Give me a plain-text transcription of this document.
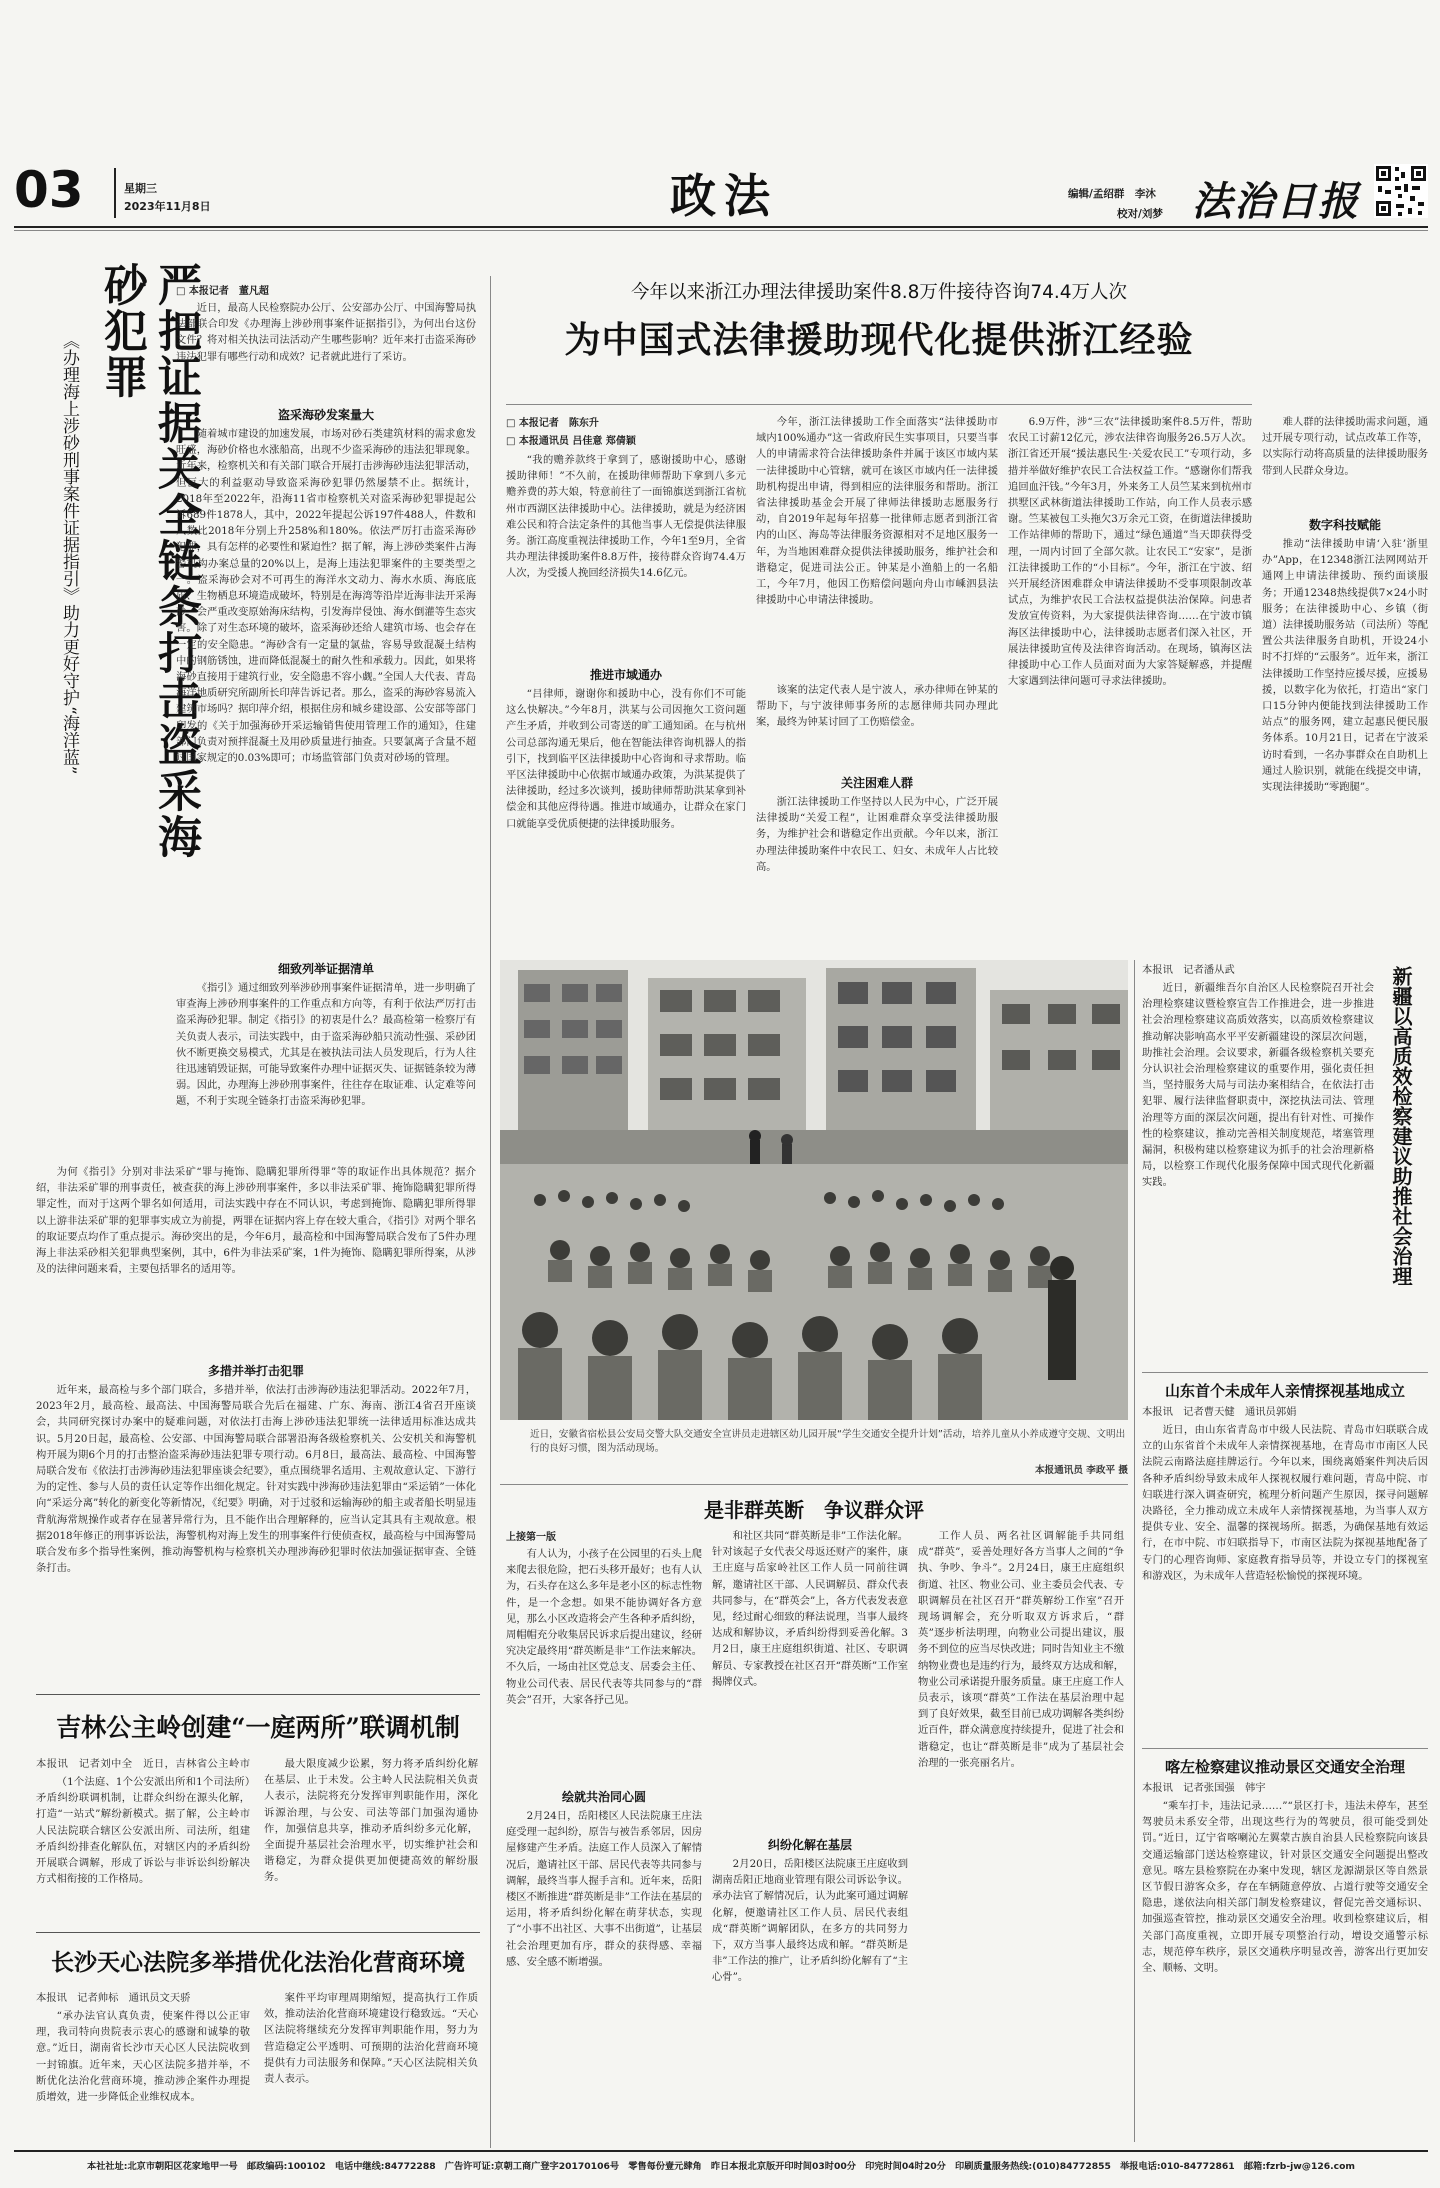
03	星期三
2023年11月8日	政法	编辑/孟绍群　李沐
校对/刘梦 法治日报
严把证据关全链条打击盗采海砂犯罪
《办理海上涉砂刑事案件证据指引》助力更好守护“海洋蓝”
□ 本报记者　董凡超
近日，最高人民检察院办公厅、公安部办公厅、中国海警局执法部联合印发《办理海上涉砂刑事案件证据指引》，为何出台这份文件？将对相关执法司法活动产生哪些影响？近年来打击盗采海砂违法犯罪有哪些行动和成效？记者就此进行了采访。
盗采海砂发案量大
随着城市建设的加速发展，市场对砂石类建筑材料的需求愈发旺盛，海砂价格也水涨船高，出现不少盗采海砂的违法犯罪现象。近年来，检察机关和有关部门联合开展打击涉海砂违法犯罪活动，但巨大的利益驱动导致盗采海砂犯罪仍然屡禁不止。据统计，2018年至2022年，沿海11省市检察机关对盗采海砂犯罪提起公诉689件1878人，其中，2022年提起公诉197件488人，件数和人数比2018年分别上升258%和180%。依法严厉打击盗采海砂犯罪，具有怎样的必要性和紧迫性？据了解，海上涉砂类案件占海警机构办案总量的20%以上，是海上违法犯罪案件的主要类型之一。盗采海砂会对不可再生的海洋水文动力、海水水质、海底底质、生物栖息环境造成破坏，特别是在海湾等沿岸近海非法开采海砂，会严重改变原始海床结构，引发海岸侵蚀、海水倒灌等生态灾害。除了对生态环境的破坏，盗采海砂还给人建筑市场、也会存在一定的安全隐患。“海砂含有一定量的氯盐，容易导致混凝土结构中的钢筋锈蚀，进而降低混凝土的耐久性和承载力。因此，如果将海砂直接用于建筑行业，安全隐患不容小觑。”全国人大代表、青岛海洋地质研究所副所长印萍告诉记者。那么，盗采的海砂容易流入建筑市场吗？据印萍介绍，根据住房和城乡建设部、公安部等部门印发的《关于加强海砂开采运输销售使用管理工作的通知》，住建部门负责对预拌混凝土及用砂质量进行抽查。只要氯离子含量不超过国家规定的0.03%即可；市场监管部门负责对砂场的管理。
细致列举证据清单
《指引》通过细致列举涉砂刑事案件证据清单，进一步明确了审查海上涉砂刑事案件的工作重点和方向等，有利于依法严厉打击盗采海砂犯罪。制定《指引》的初衷是什么？最高检第一检察厅有关负责人表示，司法实践中，由于盗采海砂船只流动性强、采砂团伙不断更换交易模式，尤其是在被执法司法人员发现后，行为人往往迅速销毁证据，可能导致案件办理中证据灭失、证据链条较为薄弱。因此，办理海上涉砂刑事案件，往往存在取证难、认定难等问题，不利于实现全链条打击盗采海砂犯罪。
为何《指引》分别对非法采矿“罪与掩饰、隐瞒犯罪所得罪”等的取证作出具体规范？据介绍，非法采矿罪的刑事责任，被查获的海上涉砂刑事案件，多以非法采矿罪、掩饰隐瞒犯罪所得罪定性，而对于这两个罪名如何适用，司法实践中存在不同认识，考虑到掩饰、隐瞒犯罪所得罪以上游非法采矿罪的犯罪事实成立为前提，两罪在证据内容上存在较大重合，《指引》对两个罪名的取证要点均作了重点提示。海砂突出的是，今年6月，最高检和中国海警局联合发布了5件办理海上非法采砂相关犯罪典型案例，其中，6件为非法采矿案，1件为掩饰、隐瞒犯罪所得案，从涉及的法律问题来看，主要包括罪名的适用等。
多措并举打击犯罪
近年来，最高检与多个部门联合，多措并举，依法打击涉海砂违法犯罪活动。2022年7月，2023年2月，最高检、最高法、中国海警局联合先后在福建、广东、海南、浙江4省召开座谈会，共同研究探讨办案中的疑难问题，对依法打击海上涉砂违法犯罪统一法律适用标准达成共识。5月20日起，最高检、公安部、中国海警局联合部署沿海各级检察机关、公安机关和海警机构开展为期6个月的打击整治盗采海砂违法犯罪专项行动。6月8日，最高法、最高检、中国海警局联合发布《依法打击涉海砂违法犯罪座谈会纪要》，重点围绕罪名适用、主观故意认定、下游行为的定性、参与人员的责任认定等作出细化规定。针对实践中涉海砂违法犯罪由“采运销”一体化向“采运分离”转化的新变化等新情况，《纪要》明确，对于过驳和运输海砂的船主或者船长明显违背航海常规操作或者存在显著异常行为，且不能作出合理解释的，应当认定其具有主观故意。根据2018年修正的刑事诉讼法，海警机构对海上发生的刑事案件行使侦查权，最高检与中国海警局联合发布多个指导性案例，推动海警机构与检察机关办理涉海砂犯罪时依法加强证据审查、全链条打击。
吉林公主岭创建“一庭两所”联调机制
本报讯　记者刘中全　近日，吉林省公主岭市
（1个法庭、1个公安派出所和1个司法所）矛盾纠纷联调机制，让群众纠纷在源头化解，打造“一站式”解纷新模式。据了解，公主岭市人民法院联合辖区公安派出所、司法所，组建矛盾纠纷排查化解队伍，对辖区内的矛盾纠纷开展联合调解，形成了诉讼与非诉讼纠纷解决方式相衔接的工作格局。
最大限度减少讼累，努力将矛盾纠纷化解在基层、止于未发。公主岭人民法院相关负责人表示，法院将充分发挥审判职能作用，深化诉源治理，与公安、司法等部门加强沟通协作，加强信息共享，推动矛盾纠纷多元化解，全面提升基层社会治理水平，切实维护社会和谐稳定，为群众提供更加便捷高效的解纷服务。
长沙天心法院多举措优化法治化营商环境
本报讯　记者帅标　通讯员文天骄
“承办法官认真负责，使案件得以公正审理，我司特向贵院表示衷心的感谢和诚挚的敬意。”近日，湖南省长沙市天心区人民法院收到一封锦旗。近年来，天心区法院多措并举，不断优化法治化营商环境，推动涉企案件办理提质增效，进一步降低企业维权成本。
案件平均审理周期缩短，提高执行工作质效，推动法治化营商环境建设行稳致远。“天心区法院将继续充分发挥审判职能作用，努力为营造稳定公平透明、可预期的法治化营商环境提供有力司法服务和保障。”天心区法院相关负责人表示。
今年以来浙江办理法律援助案件8.8万件接待咨询74.4万人次
为中国式法律援助现代化提供浙江经验
□ 本报记者　陈东升
□ 本报通讯员 吕佳意 郑倩颖
“我的赡养款终于拿到了，感谢援助中心，感谢援助律师！”不久前，在援助律师帮助下拿到八多元赡养费的苏大娘，特意前往了一面锦旗送到浙江省杭州市西湖区法律援助中心。法律援助，就是为经济困难公民和符合法定条件的其他当事人无偿提供法律服务。浙江高度重视法律援助工作，今年1至9月，全省共办理法律援助案件8.8万件，接待群众咨询74.4万人次，为受援人挽回经济损失14.6亿元。
推进市域通办
“吕律师，谢谢你和援助中心，没有你们不可能这么快解决。”今年8月，洪某与公司因拖欠工资问题产生矛盾，并收到公司寄送的旷工通知函。在与杭州公司总部沟通无果后，他在智能法律咨询机器人的指引下，找到临平区法律援助中心咨询和寻求帮助。临平区法律援助中心依据市域通办政策，为洪某提供了法律援助，经过多次谈判，援助律师帮助洪某拿到补偿金和其他应得待遇。推进市域通办，让群众在家门口就能享受优质便捷的法律援助服务。
今年，浙江法律援助工作全面落实“法律援助市域内100%通办”这一省政府民生实事项目，只要当事人的申请需求符合法律援助条件并属于该区市域内某一法律援助中心管辖，就可在该区市域内任一法律援助机构提出申请，得到相应的法律服务和帮助。浙江省法律援助基金会开展了律师法律援助志愿服务行动，自2019年起每年招募一批律师志愿者到浙江省内的山区、海岛等法律服务资源相对不足地区服务一年，为当地困难群众提供法律援助服务，维护社会和谐稳定，促进司法公正。钟某是小渔船上的一名船工，今年7月，他因工伤赔偿问题向舟山市嵊泗县法律援助中心申请法律援助。
该案的法定代表人是宁波人，承办律师在钟某的帮助下，与宁波律师事务所的志愿律师共同办理此案，最终为钟某讨回了工伤赔偿金。
关注困难人群
浙江法律援助工作坚持以人民为中心，广泛开展法律援助“关爱工程”，让困难群众享受法律援助服务，为维护社会和谐稳定作出贡献。今年以来，浙江办理法律援助案件中农民工、妇女、未成年人占比较高。
6.9万件，涉“三农”法律援助案件8.5万件，帮助农民工讨薪12亿元，涉农法律咨询服务26.5万人次。浙江省还开展“援法惠民生·关爱农民工”专项行动，多措并举做好维护农民工合法权益工作。“感谢你们帮我追回血汗钱。”今年3月，外来务工人员竺某来到杭州市拱墅区武林街道法律援助工作站，向工作人员表示感谢。竺某被包工头拖欠3万余元工资，在街道法律援助工作站律师的帮助下，通过“绿色通道”当天即获得受理，一周内讨回了全部欠款。让农民工“安家”，是浙江法律援助工作的“小目标”。今年，浙江在宁波、绍兴开展经济困难群众申请法律援助不受事项限制改革试点，为维护农民工合法权益提供法治保障。问患者发放宣传资料，为大家提供法律咨询……在宁波市镇海区法律援助中心，法律援助志愿者们深入社区，开展法律援助宣传及法律咨询活动。在现场，镇海区法律援助中心工作人员面对面为大家答疑解惑，并提醒大家遇到法律问题可寻求法律援助。
难人群的法律援助需求问题，通过开展专项行动，试点改革工作等，以实际行动将高质量的法律援助服务带到人民群众身边。
数字科技赋能
推动“法律援助申请‘入驻’浙里办”App，在12348浙江法网网站开通网上申请法律援助、预约面谈服务；开通12348热线提供7×24小时服务；在法律援助中心、乡镇（街道）法律援助服务站（司法所）等配置公共法律服务自助机，开设24小时不打烊的“云服务”。近年来，浙江法律援助工作坚持应援尽援，应援易援，以数字化为依托，打造出“家门口15分钟内便能找到法律援助工作站点”的服务网，建立起惠民便民服务体系。10月21日，记者在宁波采访时看到，一名办事群众在自助机上通过人脸识别，就能在线提交申请，实现法律援助“零跑腿”。
近日，安徽省宿松县公安局交警大队交通安全宣讲员走进辖区幼儿园开展“学生交通安全提升计划”活动，培养儿童从小养成遵守交规、文明出行的良好习惯，图为活动现场。
本报通讯员 李政平 摄
是非群英断　争议群众评
上接第一版
有人认为，小孩子在公园里的石头上爬来爬去很危险，把石头移开最好；也有人认为，石头存在这么多年是老小区的标志性物件，是一个念想。如果不能协调好各方意见，那么小区改造将会产生各种矛盾纠纷，周帽帽充分收集居民诉求后提出建议，经研究决定最终用“群英断是非”工作法来解决。不久后，一场由社区党总支、居委会主任、物业公司代表、居民代表等共同参与的“群英会”召开，大家各抒己见。
绘就共治同心圆
2月24日，岳阳楼区人民法院康王庄法庭受理一起纠纷，原告与被告系邻居，因房屋修建产生矛盾。法庭工作人员深入了解情况后，邀请社区干部、居民代表等共同参与调解，最终当事人握手言和。近年来，岳阳楼区不断推进“群英断是非”工作法在基层的运用，将矛盾纠纷化解在萌芽状态，实现了“小事不出社区、大事不出街道”，让基层社会治理更加有序，群众的获得感、幸福感、安全感不断增强。
和社区共同“群英断是非”工作法化解。针对该起子女代表父母返还财产的案件，康王庄庭与岳家岭社区工作人员一同前往调解，邀请社区干部、人民调解员、群众代表共同参与，在“群英会”上，各方代表发表意见，经过耐心细致的释法说理，当事人最终达成和解协议，矛盾纠纷得到妥善化解。3月2日，康王庄庭组织街道、社区、专职调解员、专家教授在社区召开“群英断”工作室揭牌仪式。
纠纷化解在基层
2月20日，岳阳楼区法院康王庄庭收到湖南岳阳正地商业管理有限公司诉讼争议。承办法官了解情况后，认为此案可通过调解化解，便邀请社区工作人员、居民代表组成“群英断”调解团队，在多方的共同努力下，双方当事人最终达成和解。“群英断是非”工作法的推广，让矛盾纠纷化解有了“主心骨”。
工作人员、两名社区调解能手共同组成“群英”，妥善处理好各方当事人之间的“争执、争吵、争斗”。2月24日，康王庄庭组织街道、社区、物业公司、业主委员会代表、专职调解员在社区召开“群英解纷工作室”召开现场调解会，充分听取双方诉求后，“群英”逐步析法明理，向物业公司提出建议，服务不到位的应当尽快改进；同时告知业主不缴纳物业费也是违约行为，最终双方达成和解，物业公司承诺提升服务质量。康王庄庭工作人员表示，该项“群英”工作法在基层治理中起到了良好效果，截至目前已成功调解各类纠纷近百件，群众满意度持续提升，促进了社会和谐稳定，也让“群英断是非”成为了基层社会治理的一张亮丽名片。
新疆以高质效检察建议助推社会治理
本报讯　记者潘从武
近日，新疆维吾尔自治区人民检察院召开社会治理检察建议暨检察宣告工作推进会，进一步推进社会治理检察建议高质效落实，以高质效检察建议推动解决影响高水平平安新疆建设的深层次问题，助推社会治理。会议要求，新疆各级检察机关要充分认识社会治理检察建议的重要作用，强化责任担当，坚持服务大局与司法办案相结合，在依法打击犯罪、履行法律监督职责中，深挖执法司法、管理治理等方面的深层次问题，提出有针对性、可操作性的检察建议，推动完善相关制度规范，堵塞管理漏洞，积极构建以检察建议为抓手的社会治理新格局，以检察工作现代化服务保障中国式现代化新疆实践。
山东首个未成年人亲情探视基地成立
本报讯　记者曹天健　通讯员郭娟
近日，由山东省青岛市中级人民法院、青岛市妇联联合成立的山东省首个未成年人亲情探视基地，在青岛市市南区人民法院云南路法庭挂牌运行。今年以来，围绕离婚案件判决后因各种矛盾纠纷导致未成年人探视权履行难问题，青岛中院、市妇联进行深入调查研究，梳理分析问题产生原因，探寻问题解决路径，全力推动成立未成年人亲情探视基地，为当事人双方提供专业、安全、温馨的探视场所。据悉，为确保基地有效运行，在市中院、市妇联指导下，市南区法院为探视基地配备了专门的心理咨询师、家庭教育指导员等，并设立专门的探视室和游戏区，为未成年人营造轻松愉悦的探视环境。
喀左检察建议推动景区交通安全治理
本报讯　记者张国强　韩宇
“乘车打卡，违法记录……”“景区打卡，违法未停车，甚至驾驶员未系安全带，出现这些行为的驾驶员，很可能受到处罚。”近日，辽宁省喀喇沁左翼蒙古族自治县人民检察院向该县交通运输部门送达检察建议，针对景区交通安全问题提出整改意见。喀左县检察院在办案中发现，辖区龙源湖景区等自然景区节假日游客众多，存在车辆随意停放、占道行驶等交通安全隐患，遂依法向相关部门制发检察建议，督促完善交通标识、加强巡查管控，推动景区交通安全治理。收到检察建议后，相关部门高度重视，立即开展专项整治行动，增设交通警示标志，规范停车秩序，景区交通秩序明显改善，游客出行更加安全、顺畅、文明。
本社社址:北京市朝阳区花家地甲一号　邮政编码:100102　电话中继线:84772288　广告许可证:京朝工商广登字20170106号　零售每份壹元肆角　昨日本报北京版开印时间03时00分　印完时间04时20分　印刷质量服务热线:(010)84772855　举报电话:010-84772861　邮箱:fzrb-jw@126.com
